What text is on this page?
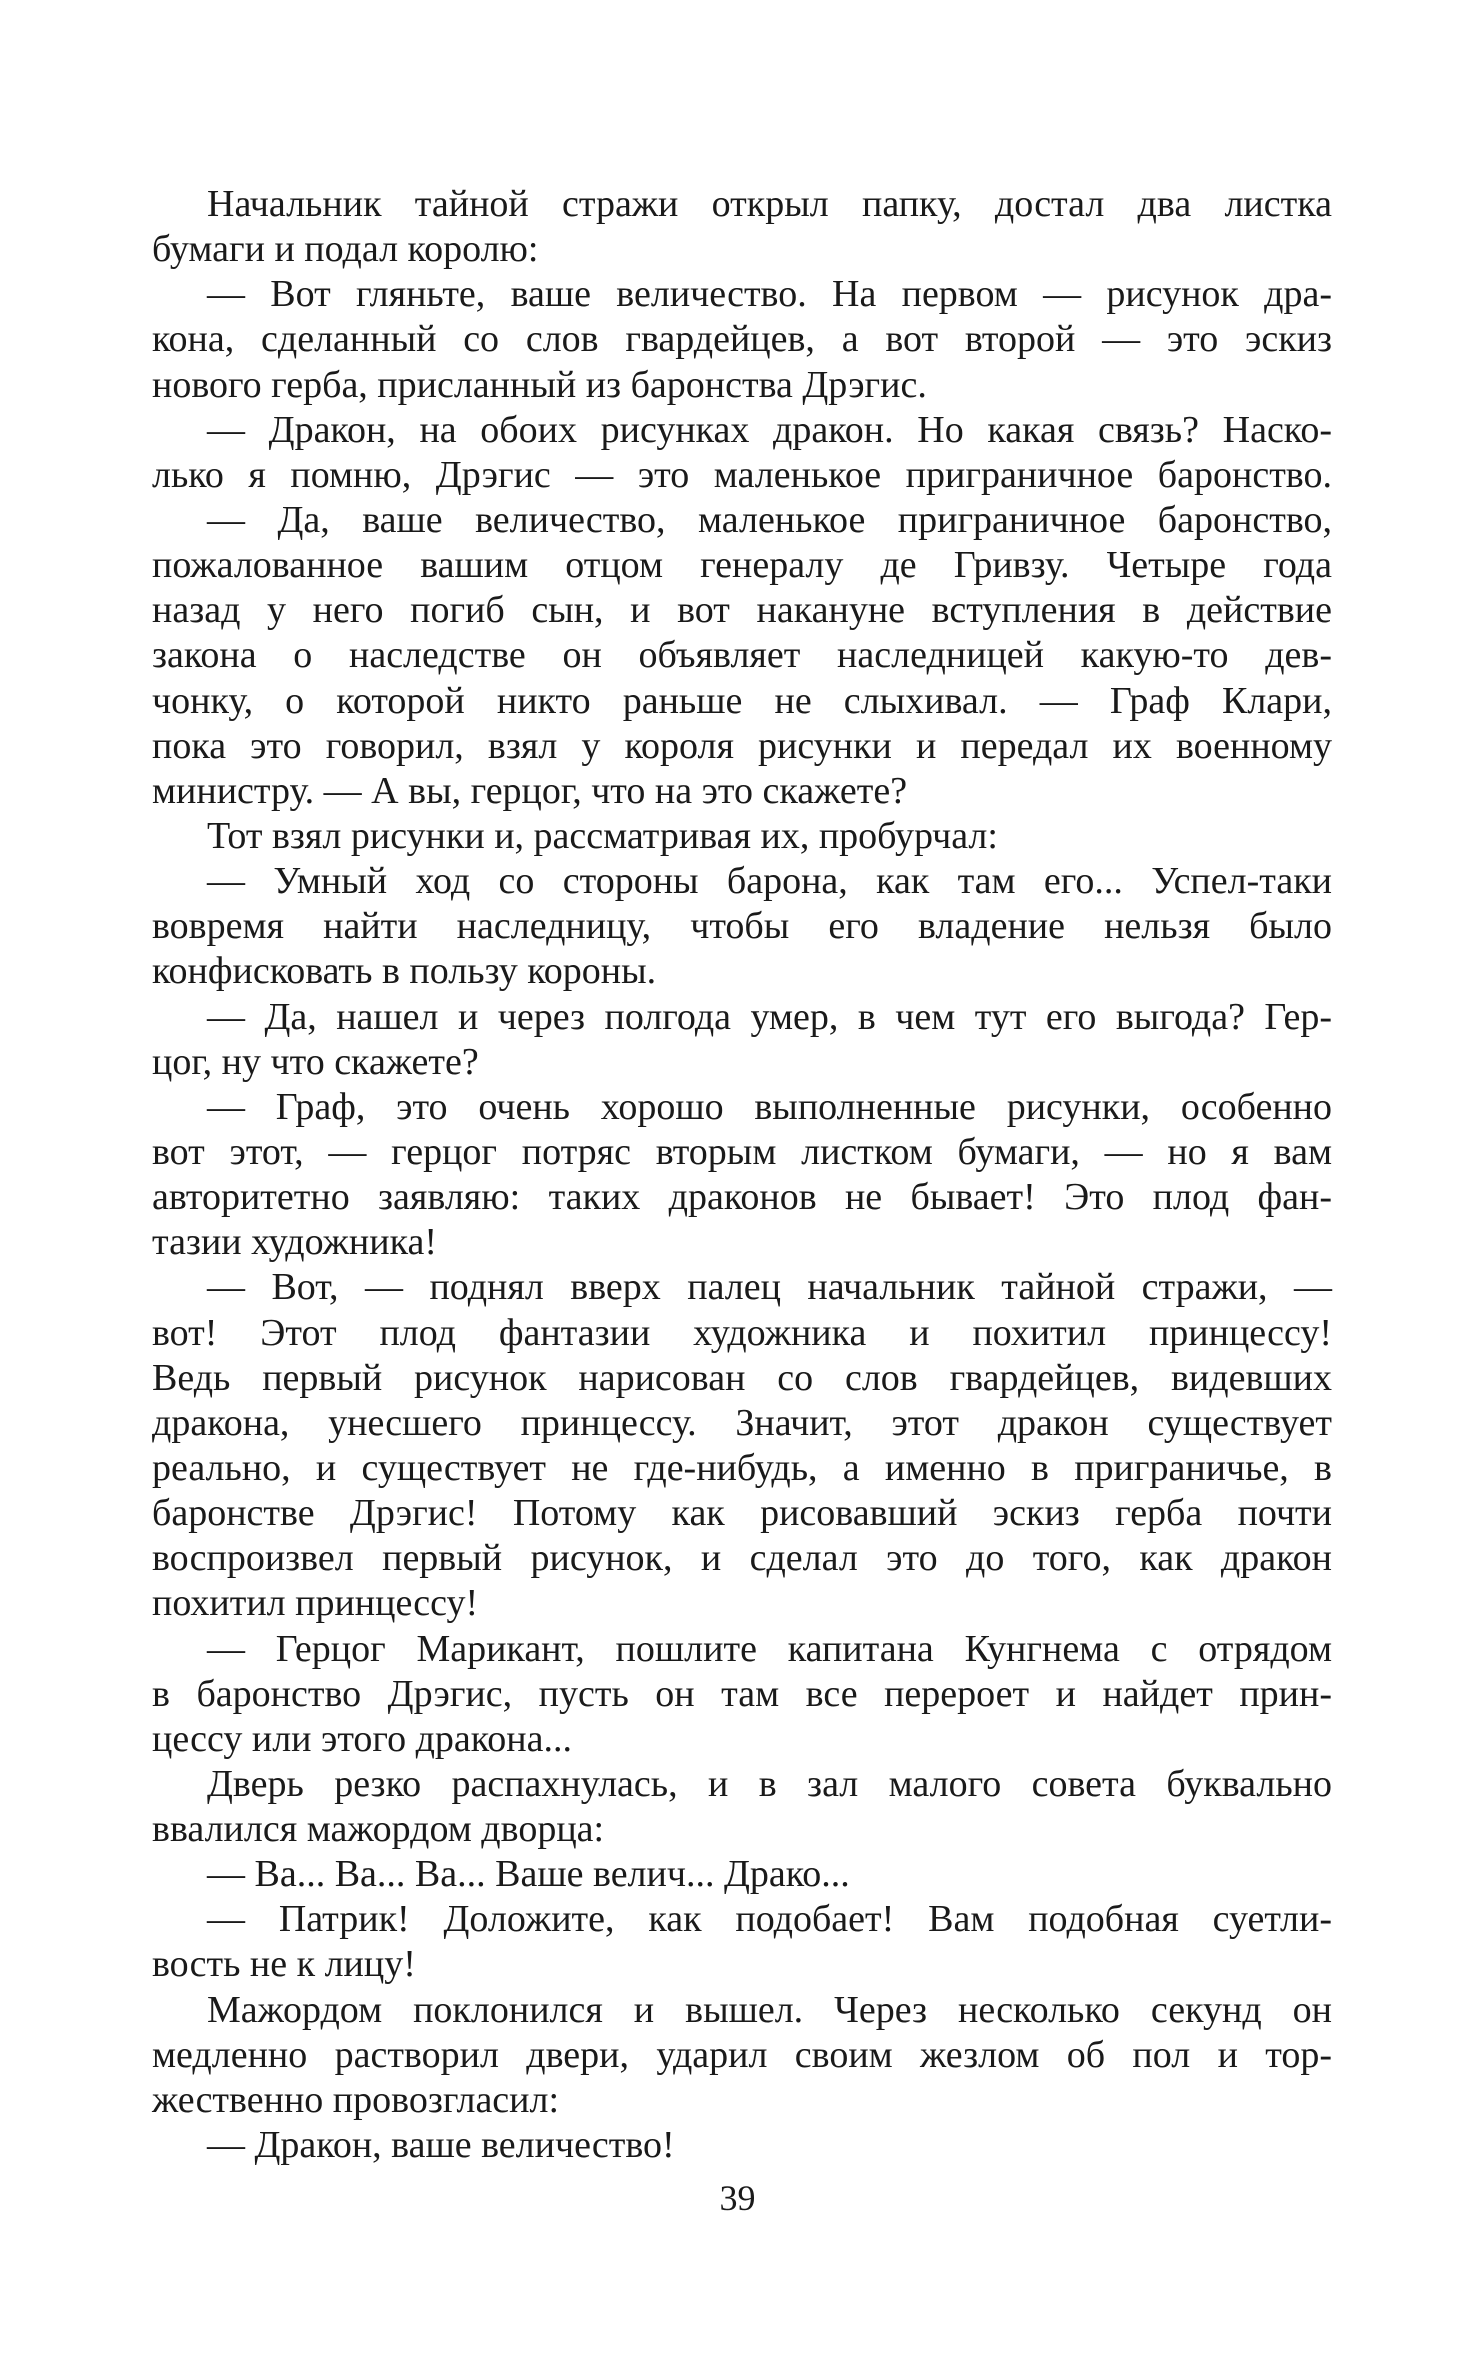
Начальник тайной стражи открыл папку, достал два листка
бумаги и подал королю:
— Вот гляньте, ваше величество. На первом — рисунок дра-
кона, сделанный со слов гвардейцев, а вот второй — это эскиз
нового герба, присланный из баронства Дрэгис.
— Дракон, на обоих рисунках дракон. Но какая связь? Наско-
лько я помню, Дрэгис — это маленькое приграничное баронство.
— Да, ваше величество, маленькое приграничное баронство,
пожалованное вашим отцом генералу де Гривзу. Четыре года
назад у него погиб сын, и вот накануне вступления в действие
закона о наследстве он объявляет наследницей какую-то дев-
чонку, о которой никто раньше не слыхивал. — Граф Клари,
пока это говорил, взял у короля рисунки и передал их военному
министру. — А вы, герцог, что на это скажете?
Тот взял рисунки и, рассматривая их, пробурчал:
— Умный ход со стороны барона, как там его... Успел-таки
вовремя найти наследницу, чтобы его владение нельзя было
конфисковать в пользу короны.
— Да, нашел и через полгода умер, в чем тут его выгода? Гер-
цог, ну что скажете?
— Граф, это очень хорошо выполненные рисунки, особенно
вот этот, — герцог потряс вторым листком бумаги, — но я вам
авторитетно заявляю: таких драконов не бывает! Это плод фан-
тазии художника!
— Вот, — поднял вверх палец начальник тайной стражи, —
вот! Этот плод фантазии художника и похитил принцессу!
Ведь первый рисунок нарисован со слов гвардейцев, видевших
дракона, унесшего принцессу. Значит, этот дракон существует
реально, и существует не где-нибудь, а именно в приграничье, в
баронстве Дрэгис! Потому как рисовавший эскиз герба почти
воспроизвел первый рисунок, и сделал это до того, как дракон
похитил принцессу!
— Герцог Марикант, пошлите капитана Кунгнема с отрядом
в баронство Дрэгис, пусть он там все перероет и найдет прин-
цессу или этого дракона...
Дверь резко распахнулась, и в зал малого совета буквально
ввалился мажордом дворца:
— Ва... Ва... Ва... Ваше велич... Драко...
— Патрик! Доложите, как подобает! Вам подобная суетли-
вость не к лицу!
Мажордом поклонился и вышел. Через несколько секунд он
медленно растворил двери, ударил своим жезлом об пол и тор-
жественно провозгласил:
— Дракон, ваше величество!
39
